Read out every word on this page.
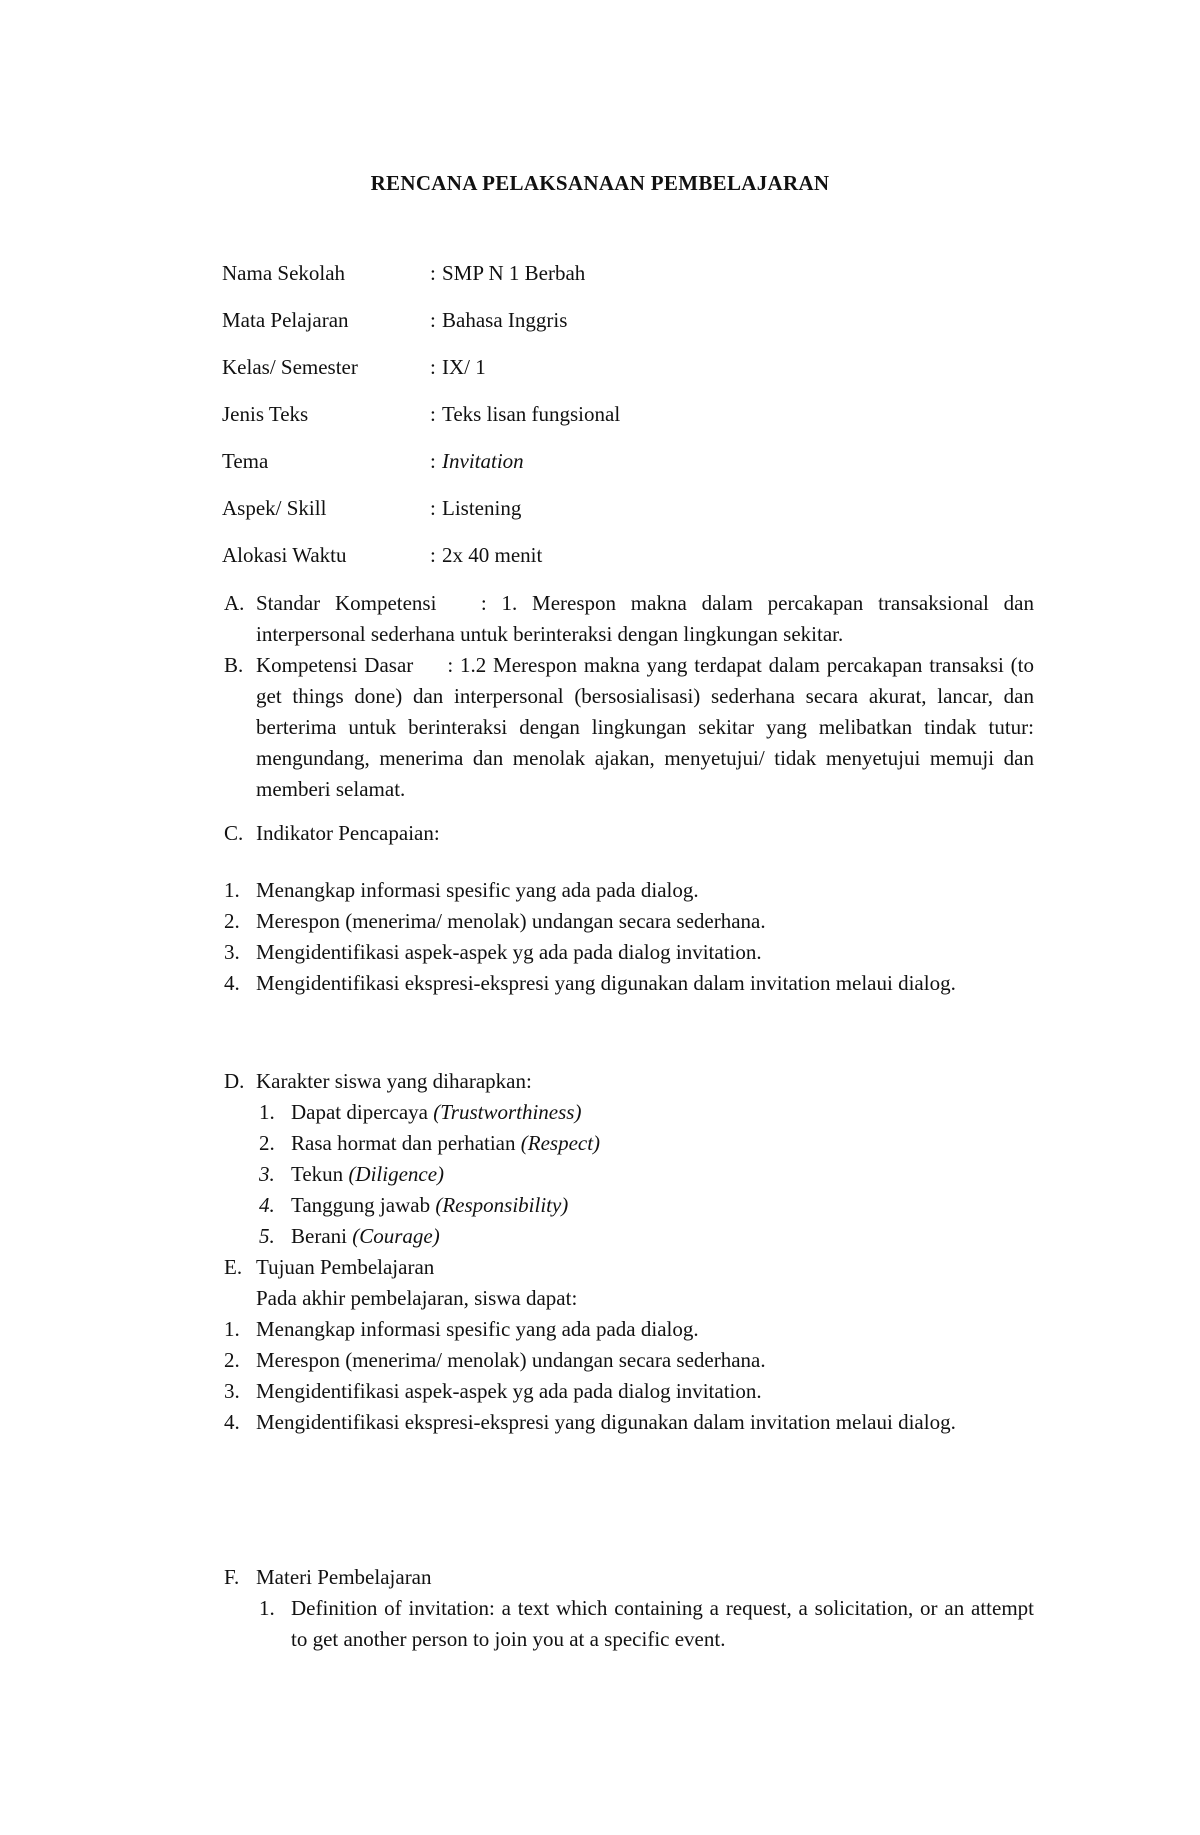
RENCANA PELAKSANAAN PEMBELAJARAN
Nama Sekolah	: SMP N 1 Berbah
Mata Pelajaran	: Bahasa Inggris
Kelas/ Semester	: IX/ 1
Jenis Teks	: Teks lisan fungsional
Tema	: Invitation
Aspek/ Skill	: Listening
Alokasi Waktu	: 2x 40 menit
A. Standar Kompetensi : 1. Merespon makna dalam percakapan transaksional dan interpersonal sederhana untuk berinteraksi dengan lingkungan sekitar.
B. Kompetensi Dasar : 1.2 Merespon makna yang terdapat dalam percakapan transaksi (to get things done) dan interpersonal (bersosialisasi) sederhana secara akurat, lancar, dan berterima untuk berinteraksi dengan lingkungan sekitar yang melibatkan tindak tutur: mengundang, menerima dan menolak ajakan, menyetujui/ tidak menyetujui memuji dan memberi selamat.
C. Indikator Pencapaian:
1. Menangkap informasi spesific yang ada pada dialog.
2. Merespon (menerima/ menolak) undangan secara sederhana.
3. Mengidentifikasi aspek-aspek yg ada pada dialog invitation.
4. Mengidentifikasi ekspresi-ekspresi yang digunakan dalam invitation melaui dialog.
D. Karakter siswa yang diharapkan:
1. Dapat dipercaya (Trustworthiness)
2. Rasa hormat dan perhatian (Respect)
3. Tekun (Diligence)
4. Tanggung jawab (Responsibility)
5. Berani (Courage)
E. Tujuan Pembelajaran
Pada akhir pembelajaran, siswa dapat:
1. Menangkap informasi spesific yang ada pada dialog.
2. Merespon (menerima/ menolak) undangan secara sederhana.
3. Mengidentifikasi aspek-aspek yg ada pada dialog invitation.
4. Mengidentifikasi ekspresi-ekspresi yang digunakan dalam invitation melaui dialog.
F. Materi Pembelajaran
1. Definition of invitation: a text which containing a request, a solicitation, or an attempt to get another person to join you at a specific event.
